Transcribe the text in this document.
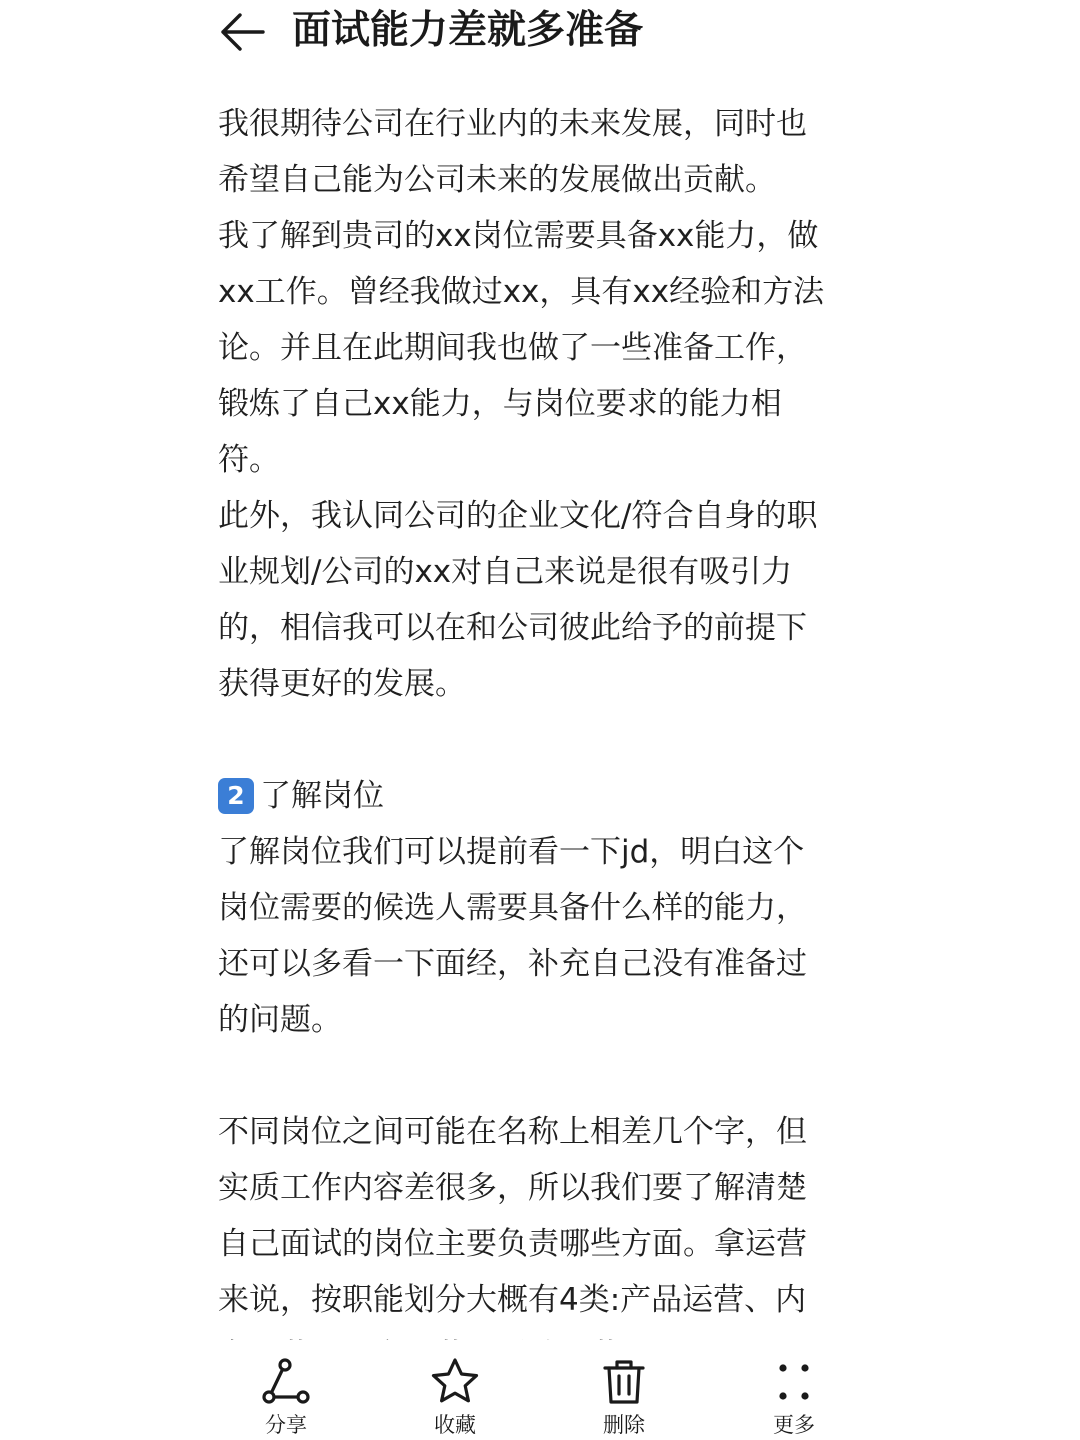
面试能力差就多准备
我很期待公司在行业内的未来发展，同时也
希望自己能为公司未来的发展做出贡献。
我了解到贵司的xx岗位需要具备xx能力，做
xx工作。曾经我做过xx，具有xx经验和方法
论。并且在此期间我也做了一些准备工作，
锻炼了自己xx能力，与岗位要求的能力相
符。
此外，我认同公司的企业文化/符合自身的职
业规划/公司的xx对自己来说是很有吸引力
的，相信我可以在和公司彼此给予的前提下
获得更好的发展。
2 了解岗位
了解岗位我们可以提前看一下jd，明白这个
岗位需要的候选人需要具备什么样的能力，
还可以多看一下面经，补充自己没有准备过
的问题。
不同岗位之间可能在名称上相差几个字，但
实质工作内容差很多，所以我们要了解清楚
自己面试的岗位主要负责哪些方面。拿运营
来说，按职能划分大概有4类:产品运营、内
分享	收藏	删除	更多
